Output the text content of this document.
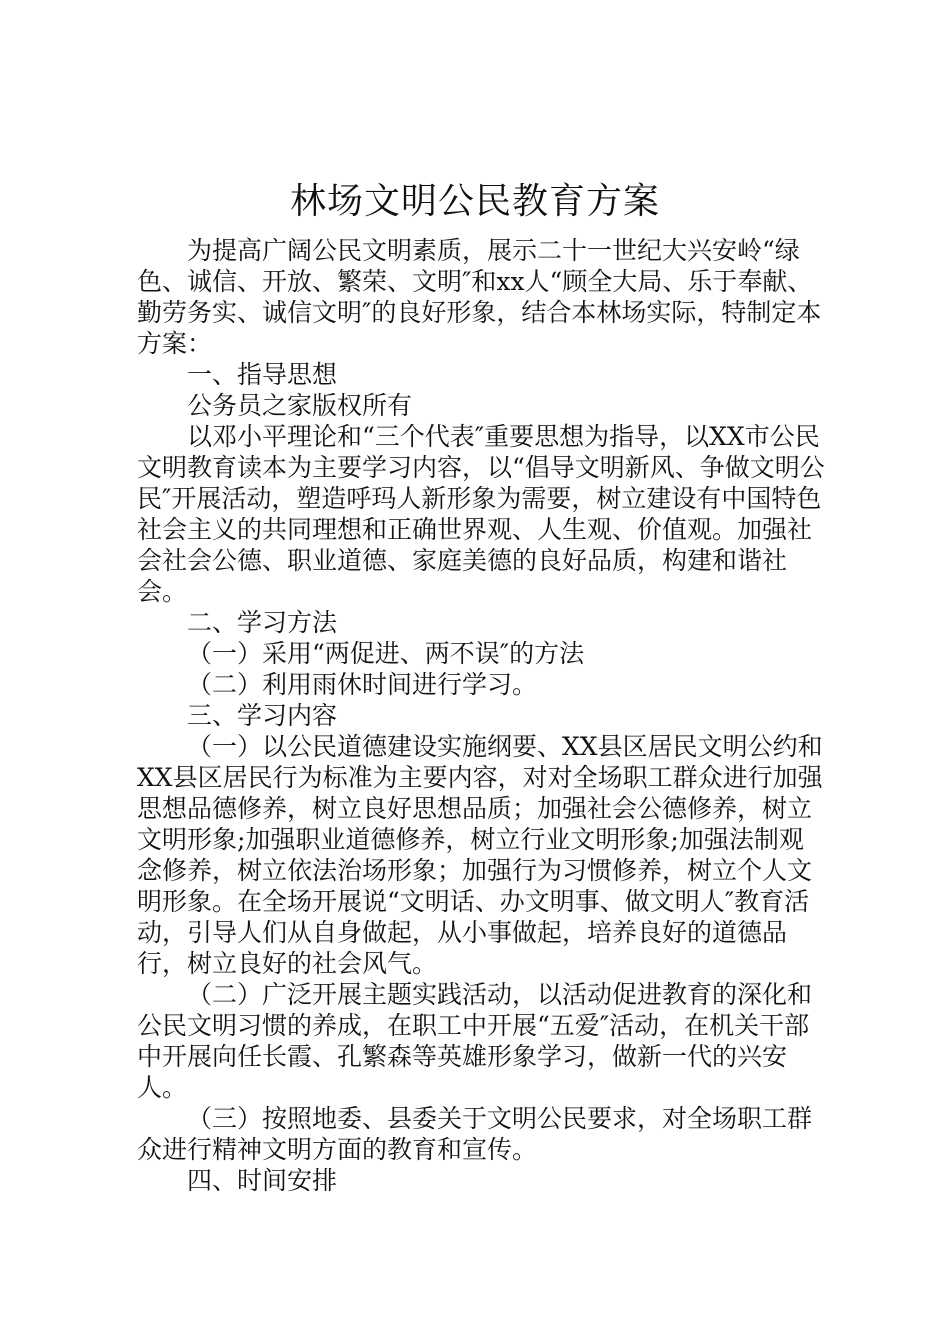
林场文明公民教育方案

为提高广阔公民文明素质，展示二十一世纪大兴安岭“绿色、诚信、开放、繁荣、文明″和xx人“顾全大局、乐于奉献、勤劳务实、诚信文明″的良好形象，结合本林场实际，特制定本方案：

一、指导思想

公务员之家版权所有

以邓小平理论和“三个代表″重要思想为指导，以XX市公民文明教育读本为主要学习内容，以“倡导文明新风、争做文明公民″开展活动，塑造呼玛人新形象为需要，树立建设有中国特色社会主义的共同理想和正确世界观、人生观、价值观。加强社会社会公德、职业道德、家庭美德的良好品质，构建和谐社会。

二、学习方法

（一）采用“两促进、两不误″的方法

（二）利用雨休时间进行学习。

三、学习内容

（一）以公民道德建设实施纲要、XX县区居民文明公约和XX县区居民行为标准为主要内容，对对全场职工群众进行加强思想品德修养，树立良好思想品质；加强社会公德修养，树立文明形象;加强职业道德修养，树立行业文明形象;加强法制观念修养，树立依法治场形象；加强行为习惯修养，树立个人文明形象。在全场开展说“文明话、办文明事、做文明人″教育活动，引导人们从自身做起，从小事做起，培养良好的道德品行，树立良好的社会风气。

（二）广泛开展主题实践活动，以活动促进教育的深化和公民文明习惯的养成，在职工中开展“五爱″活动，在机关干部中开展向任长霞、孔繁森等英雄形象学习，做新一代的兴安人。

（三）按照地委、县委关于文明公民要求，对全场职工群众进行精神文明方面的教育和宣传。

四、时间安排
